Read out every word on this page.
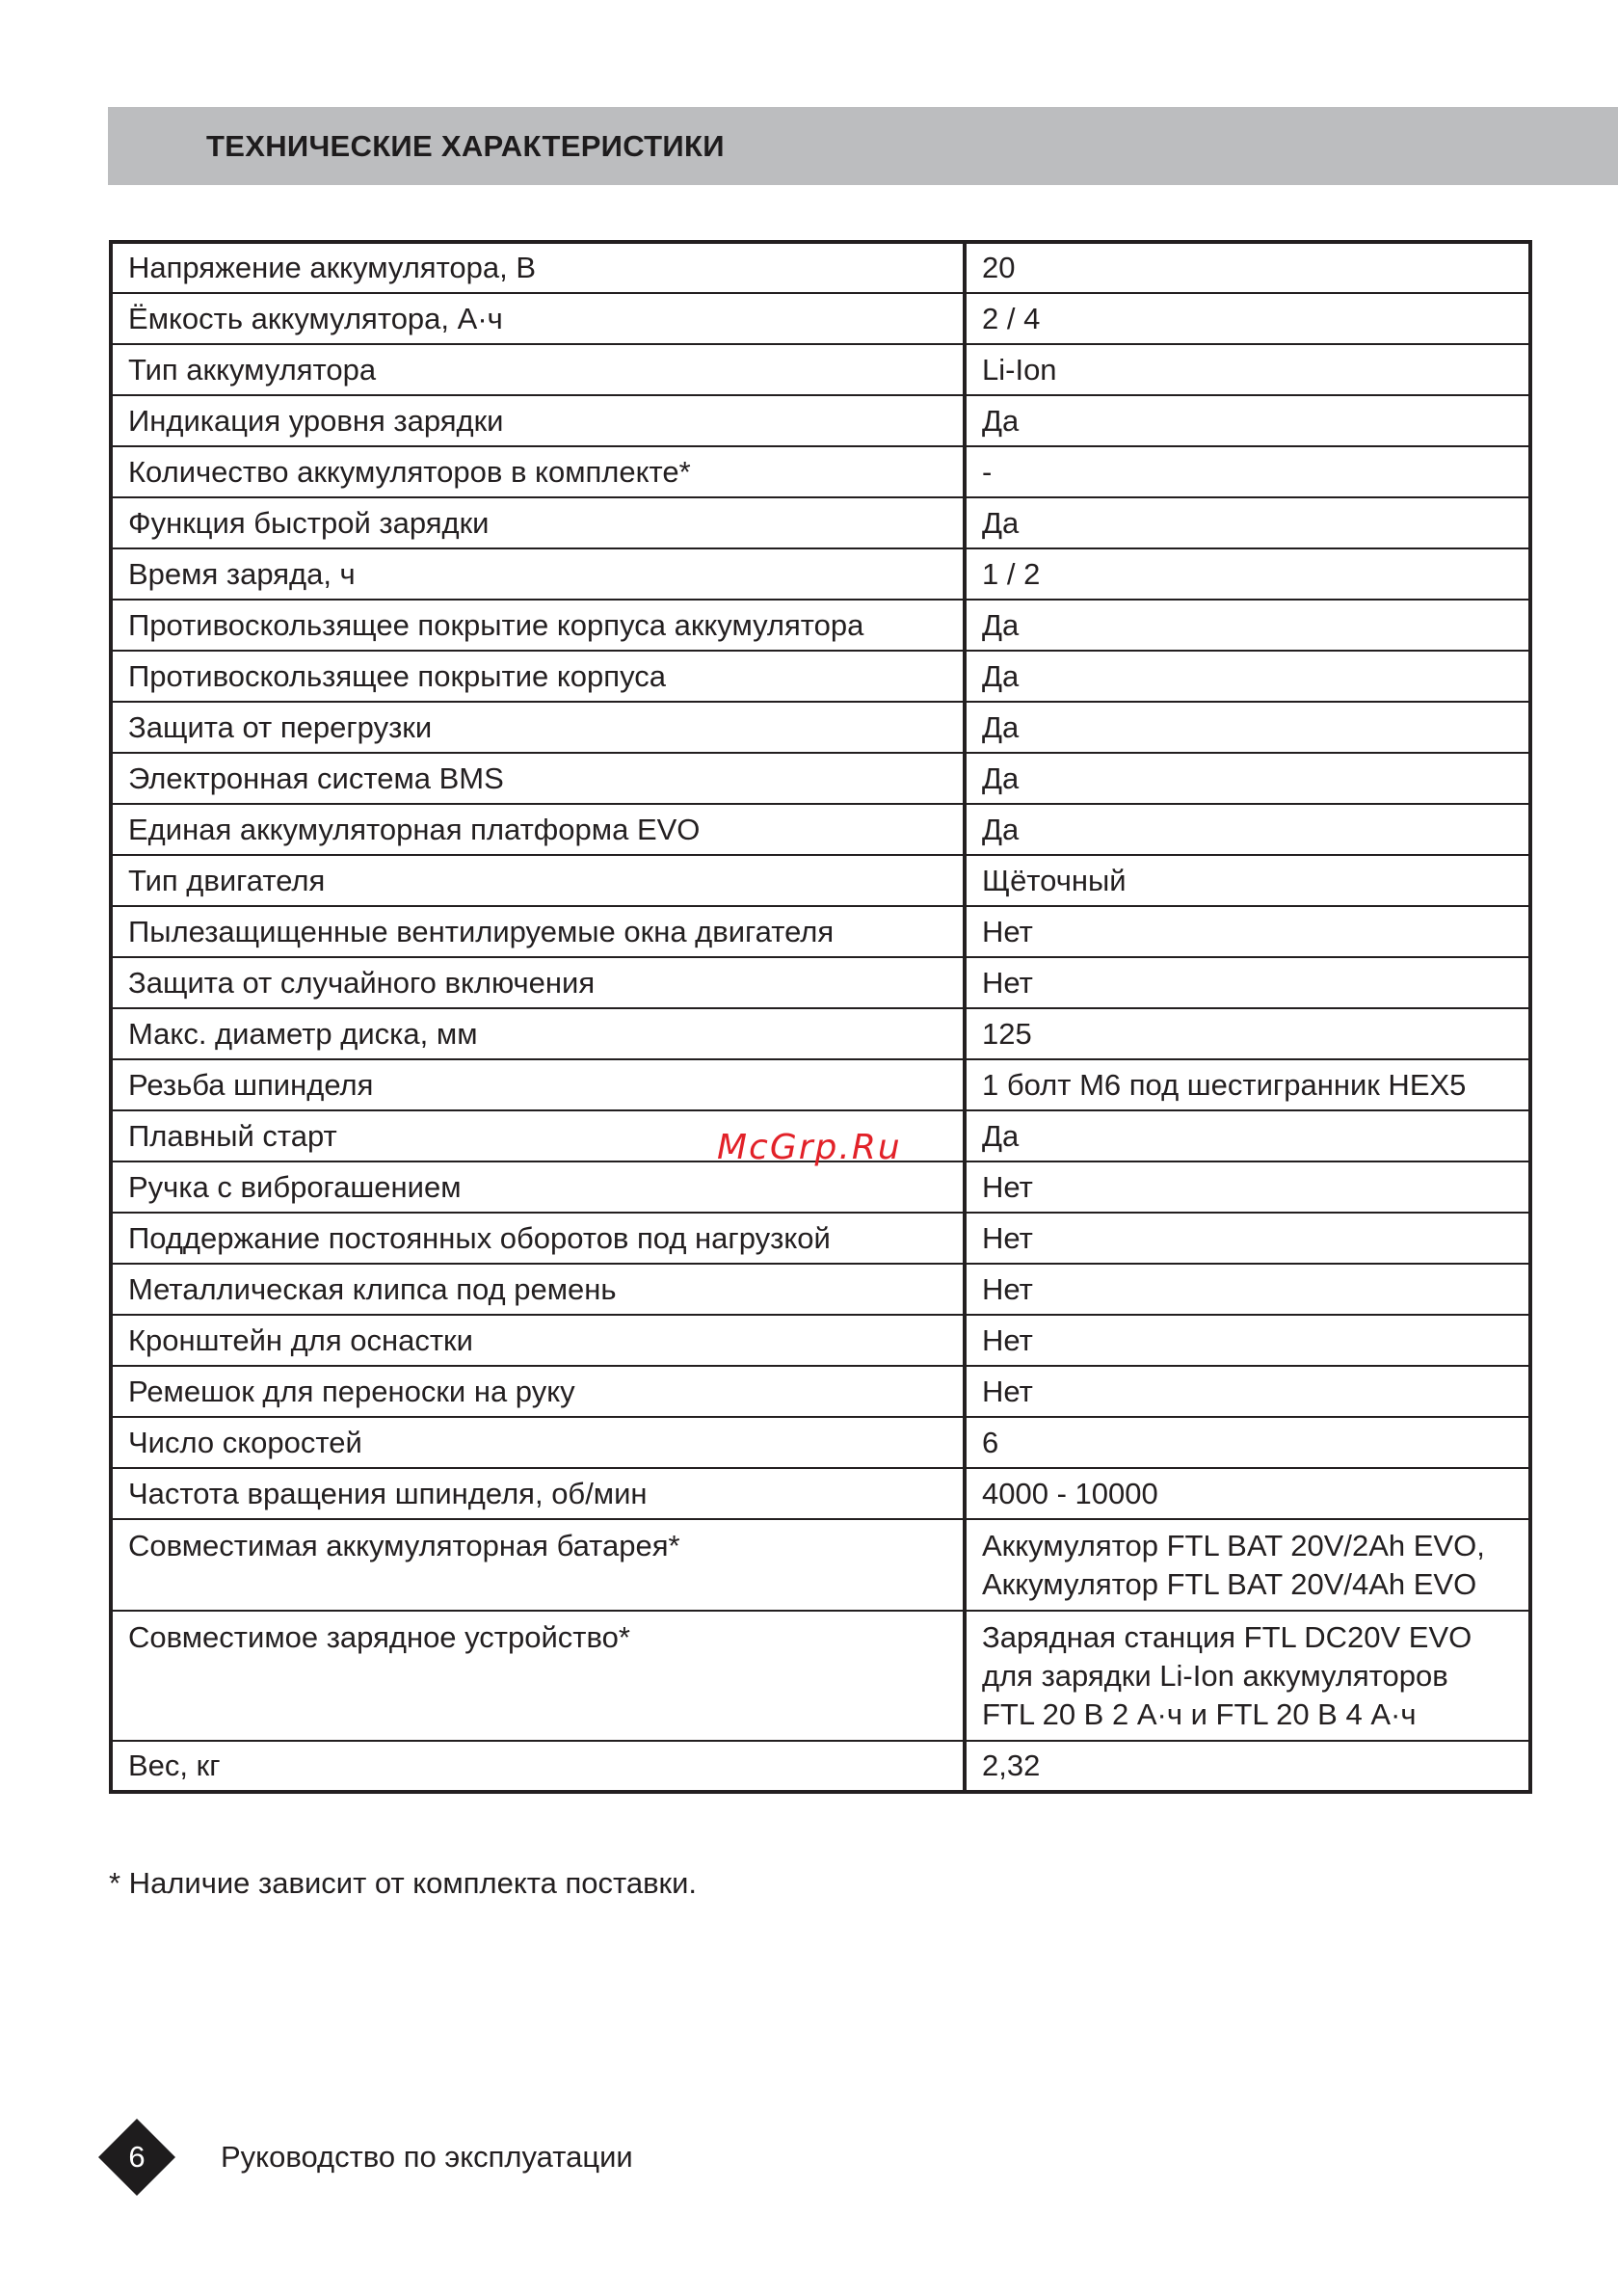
ТЕХНИЧЕСКИЕ ХАРАКТЕРИСТИКИ
Напряжение аккумулятора, В	20

Ёмкость аккумулятора, А·ч	2 / 4

Тип аккумулятора	Li-Ion

Индикация уровня зарядки	Да

Количество аккумуляторов в комплекте*	-

Функция быстрой зарядки	Да

Время заряда, ч	1 / 2

Противоскользящее покрытие корпуса аккумулятора	Да

Противоскользящее покрытие корпуса	Да

Защита от перегрузки	Да

Электронная система BMS	Да

Единая аккумуляторная платформа EVO	Да

Тип двигателя	Щёточный

Пылезащищенные вентилируемые окна двигателя	Нет

Защита от случайного включения	Нет

Макс. диаметр диска, мм	125

Резьба шпинделя	1 болт M6 под шестигранник HEX5

Плавный старт	Да

Ручка с виброгашением	Нет

Поддержание постоянных оборотов под нагрузкой	Нет

Металлическая клипса под ремень	Нет

Кронштейн для оснастки	Нет

Ремешок для переноски на руку	Нет

Число скоростей	6

Частота вращения шпинделя, об/мин	4000 - 10000

Совместимая аккумуляторная батарея*	Аккумулятор FTL BAT 20V/2Ah EVO,
Аккумулятор FTL BAT 20V/4Ah EVO

Совместимое зарядное устройство*	Зарядная станция FTL DC20V EVO
для зарядки Li-Ion аккумуляторов
FTL 20 В 2 А·ч и FTL 20 В 4 А·ч

Вес, кг	2,32
McGrp.Ru
* Наличие зависит от комплекта поставки.
6	Руководство по эксплуатации
